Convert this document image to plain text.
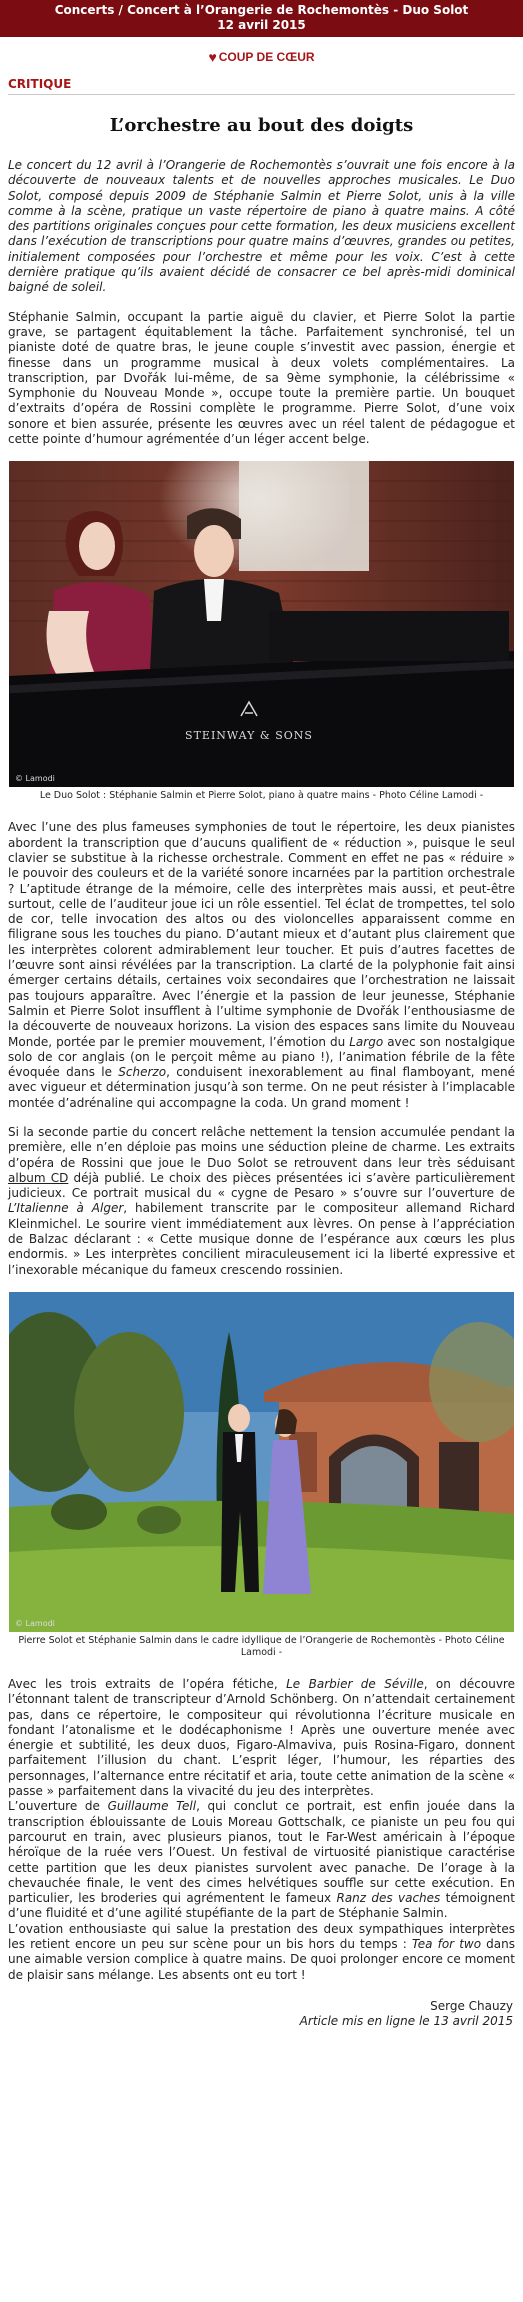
Concerts / Concert à l’Orangerie de Rochemontès - Duo Solot
12 avril 2015
♥ COUP DE CŒUR
CRITIQUE
L’orchestre au bout des doigts

Le concert du 12 avril à l’Orangerie de Rochemontès s’ouvrait une fois encore à la découverte de nouveaux talents et de nouvelles approches musicales. Le Duo Solot, composé depuis 2009 de Stéphanie Salmin et Pierre Solot, unis à la ville comme à la scène, pratique un vaste répertoire de piano à quatre mains. A côté des partitions originales conçues pour cette formation, les deux musiciens excellent dans l’exécution de transcriptions pour quatre mains d’œuvres, grandes ou petites, initialement composées pour l’orchestre et même pour les voix. C’est à cette dernière pratique qu’ils avaient décidé de consacrer ce bel après-midi dominical baigné de soleil.

Stéphanie Salmin, occupant la partie aiguë du clavier, et Pierre Solot la partie grave, se partagent équitablement la tâche. Parfaitement synchronisé, tel un pianiste doté de quatre bras, le jeune couple s’investit avec passion, énergie et finesse dans un programme musical à deux volets complémentaires. La transcription, par Dvořák lui-même, de sa 9ème symphonie, la célébrissime « Symphonie du Nouveau Monde », occupe toute la première partie. Un bouquet d’extraits d’opéra de Rossini complète le programme. Pierre Solot, d’une voix sonore et bien assurée, présente les œuvres avec un réel talent de pédagogue et cette pointe d’humour agrémentée d’un léger accent belge.

STEINWAY & SONS
© Lamodi
Le Duo Solot : Stéphanie Salmin et Pierre Solot, piano à quatre mains - Photo Céline Lamodi -

Avec l’une des plus fameuses symphonies de tout le répertoire, les deux pianistes abordent la transcription que d’aucuns qualifient de « réduction », puisque le seul clavier se substitue à la richesse orchestrale. Comment en effet ne pas « réduire » le pouvoir des couleurs et de la variété sonore incarnées par la partition orchestrale ? L’aptitude étrange de la mémoire, celle des interprètes mais aussi, et peut-être surtout, celle de l’auditeur joue ici un rôle essentiel. Tel éclat de trompettes, tel solo de cor, telle invocation des altos ou des violoncelles apparaissent comme en filigrane sous les touches du piano. D’autant mieux et d’autant plus clairement que les interprètes colorent admirablement leur toucher. Et puis d’autres facettes de l’œuvre sont ainsi révélées par la transcription. La clarté de la polyphonie fait ainsi émerger certains détails, certaines voix secondaires que l’orchestration ne laissait pas toujours apparaître. Avec l’énergie et la passion de leur jeunesse, Stéphanie Salmin et Pierre Solot insufflent à l’ultime symphonie de Dvořák l’enthousiasme de la découverte de nouveaux horizons. La vision des espaces sans limite du Nouveau Monde, portée par le premier mouvement, l’émotion du Largo avec son nostalgique solo de cor anglais (on le perçoit même au piano !), l’animation fébrile de la fête évoquée dans le Scherzo, conduisent inexorablement au final flamboyant, mené avec vigueur et détermination jusqu’à son terme. On ne peut résister à l’implacable montée d’adrénaline qui accompagne la coda. Un grand moment !

Si la seconde partie du concert relâche nettement la tension accumulée pendant la première, elle n’en déploie pas moins une séduction pleine de charme. Les extraits d’opéra de Rossini que joue le Duo Solot se retrouvent dans leur très séduisant album CD déjà publié. Le choix des pièces présentées ici s’avère particulièrement judicieux. Ce portrait musical du « cygne de Pesaro » s’ouvre sur l’ouverture de L’Italienne à Alger, habilement transcrite par le compositeur allemand Richard Kleinmichel. Le sourire vient immédiatement aux lèvres. On pense à l’appréciation de Balzac déclarant : « Cette musique donne de l’espérance aux cœurs les plus endormis. » Les interprètes concilient miraculeusement ici la liberté expressive et l’inexorable mécanique du fameux crescendo rossinien.

© Lamodi
Pierre Solot et Stéphanie Salmin dans le cadre idyllique de l’Orangerie de Rochemontès - Photo Céline Lamodi -

Avec les trois extraits de l’opéra fétiche, Le Barbier de Séville, on découvre l’étonnant talent de transcripteur d’Arnold Schönberg. On n’attendait certainement pas, dans ce répertoire, le compositeur qui révolutionna l’écriture musicale en fondant l’atonalisme et le dodécaphonisme ! Après une ouverture menée avec énergie et subtilité, les deux duos, Figaro-Almaviva, puis Rosina-Figaro, donnent parfaitement l’illusion du chant. L’esprit léger, l’humour, les réparties des personnages, l’alternance entre récitatif et aria, toute cette animation de la scène « passe » parfaitement dans la vivacité du jeu des interprètes.

L’ouverture de Guillaume Tell, qui conclut ce portrait, est enfin jouée dans la transcription éblouissante de Louis Moreau Gottschalk, ce pianiste un peu fou qui parcourut en train, avec plusieurs pianos, tout le Far-West américain à l’époque héroïque de la ruée vers l’Ouest. Un festival de virtuosité pianistique caractérise cette partition que les deux pianistes survolent avec panache. De l’orage à la chevauchée finale, le vent des cimes helvétiques souffle sur cette exécution. En particulier, les broderies qui agrémentent le fameux Ranz des vaches témoignent d’une fluidité et d’une agilité stupéfiante de la part de Stéphanie Salmin.

L’ovation enthousiaste qui salue la prestation des deux sympathiques interprètes les retient encore un peu sur scène pour un bis hors du temps : Tea for two dans une aimable version complice à quatre mains. De quoi prolonger encore ce moment de plaisir sans mélange. Les absents ont eu tort !

Serge Chauzy
Article mis en ligne le 13 avril 2015
